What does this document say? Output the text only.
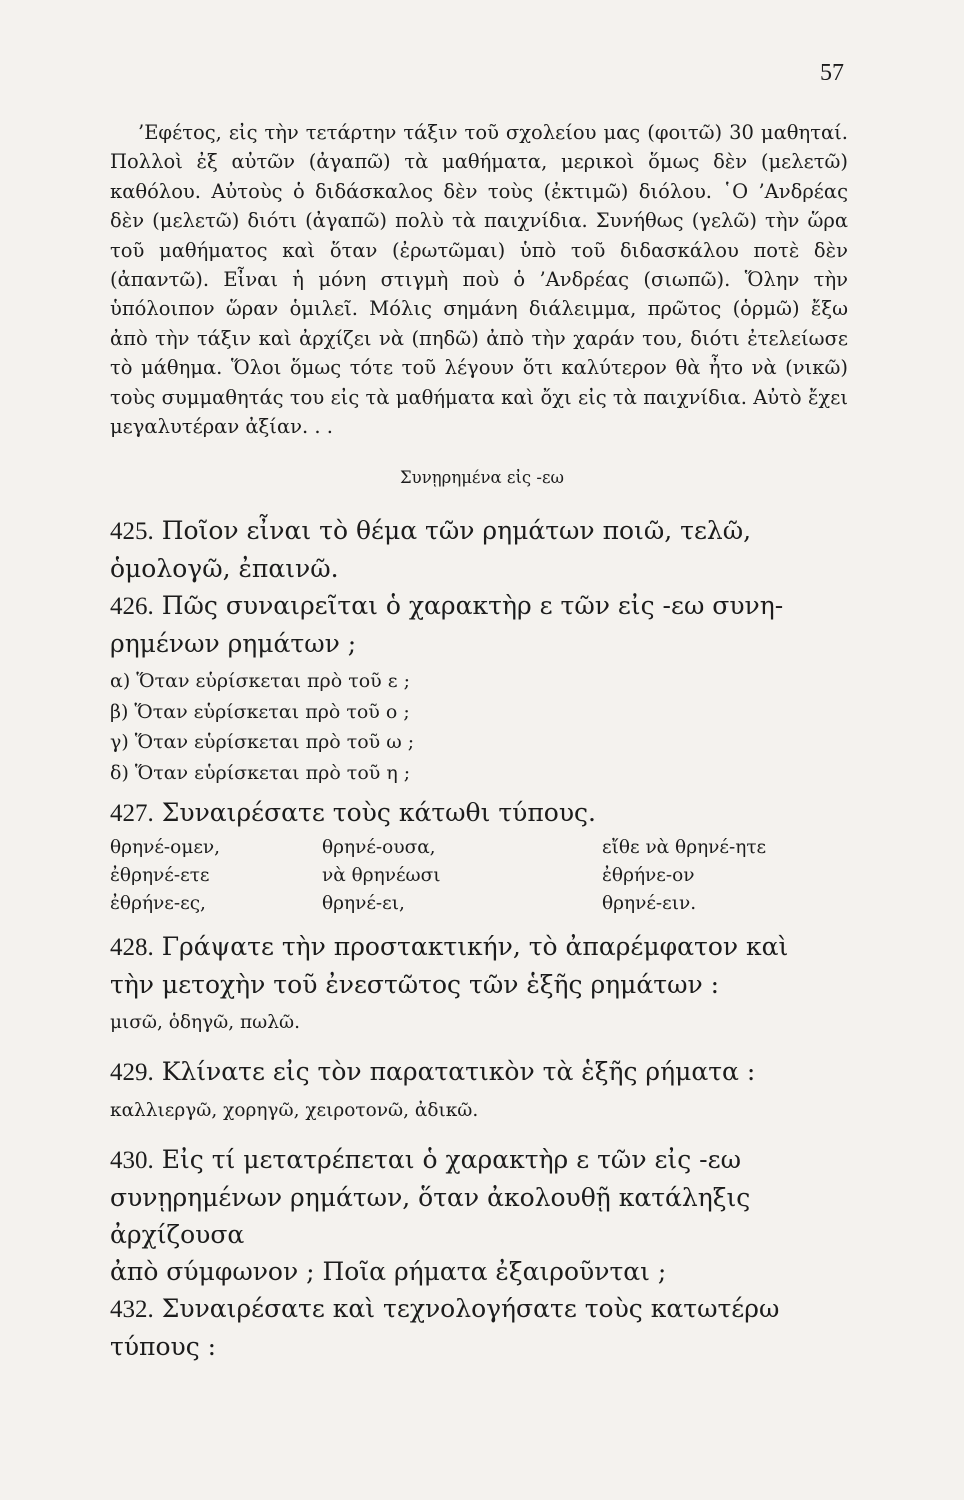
57

’Εφέτος, εἰς τὴν τετάρτην τάξιν τοῦ σχολείου μας (φοιτῶ) 30 μαθηταί. Πολλοὶ ἐξ αὐτῶν (ἀγαπῶ) τὰ μαθήματα, μερικοὶ ὅμως δὲν (μελετῶ) καθόλου. Αὐτοὺς ὁ διδάσκαλος δὲν τοὺς (ἐκτιμῶ) διόλου. ῾Ο ’Ανδρέας δὲν (μελετῶ) διότι (ἀγαπῶ) πολὺ τὰ παιχνίδια. Συνήθως (γελῶ) τὴν ὥρα τοῦ μαθήματος καὶ ὅταν (ἐρωτῶμαι) ὑπὸ τοῦ διδασκάλου ποτὲ δὲν (ἀπαντῶ). Εἶναι ἡ μόνη στιγμὴ ποὺ ὁ ’Ανδρέας (σιωπῶ). Ὅλην τὴν ὑπόλοιπον ὥραν ὁμιλεῖ. Μόλις σημάνη διάλειμμα, πρῶτος (ὁρμῶ) ἔξω ἀπὸ τὴν τάξιν καὶ ἀρχίζει νὰ (πηδῶ) ἀπὸ τὴν χαράν του, διότι ἐτελείωσε τὸ μάθημα. Ὅλοι ὅμως τότε τοῦ λέγουν ὅτι καλύτερον θὰ ἦτο νὰ (νικῶ) τοὺς συμμαθητάς του εἰς τὰ μαθήματα καὶ ὄχι εἰς τὰ παιχνίδια. Αὐτὸ ἔχει μεγαλυτέραν ἀξίαν. . .

Συνῃρημένα εἰς -εω
425. Ποῖον εἶναι τὸ θέμα τῶν ρημάτων ποιῶ, τελῶ, ὁμολογῶ, ἐπαινῶ.
426. Πῶς συναιρεῖται ὁ χαρακτὴρ ε τῶν εἰς -εω συνη-
ρημένων ρημάτων ;
α) Ὅταν εὑρίσκεται πρὸ τοῦ ε ;
β) Ὅταν εὑρίσκεται πρὸ τοῦ ο ;
γ) Ὅταν εὑρίσκεται πρὸ τοῦ ω ;
δ) Ὅταν εὑρίσκεται πρὸ τοῦ η ;
427. Συναιρέσατε τοὺς κάτωθι τύπους.
θρηνέ-ομεν,	θρηνέ-ουσα,	εἴθε νὰ θρηνέ-ητε
ἐθρηνέ-ετε	νὰ θρηνέωσι	ἐθρήνε-ον
ἐθρήνε-ες,	θρηνέ-ει,	θρηνέ-ειν.
428. Γράψατε τὴν προστακτικήν, τὸ ἀπαρέμφατον καὶ
τὴν μετοχὴν τοῦ ἐνεστῶτος τῶν ἑξῆς ρημάτων :
μισῶ, ὁδηγῶ, πωλῶ.
429. Κλίνατε εἰς τὸν παρατατικὸν τὰ ἑξῆς ρήματα :
καλλιεργῶ, χορηγῶ, χειροτονῶ, ἀδικῶ.
430. Εἰς τί μετατρέπεται ὁ χαρακτὴρ ε τῶν εἰς -εω
συνῃρημένων ρημάτων, ὅταν ἀκολουθῇ κατάληξις ἀρχίζουσα
ἀπὸ σύμφωνον ; Ποῖα ρήματα ἐξαιροῦνται ;
432. Συναιρέσατε καὶ τεχνολογήσατε τοὺς κατωτέρω
τύπους :
